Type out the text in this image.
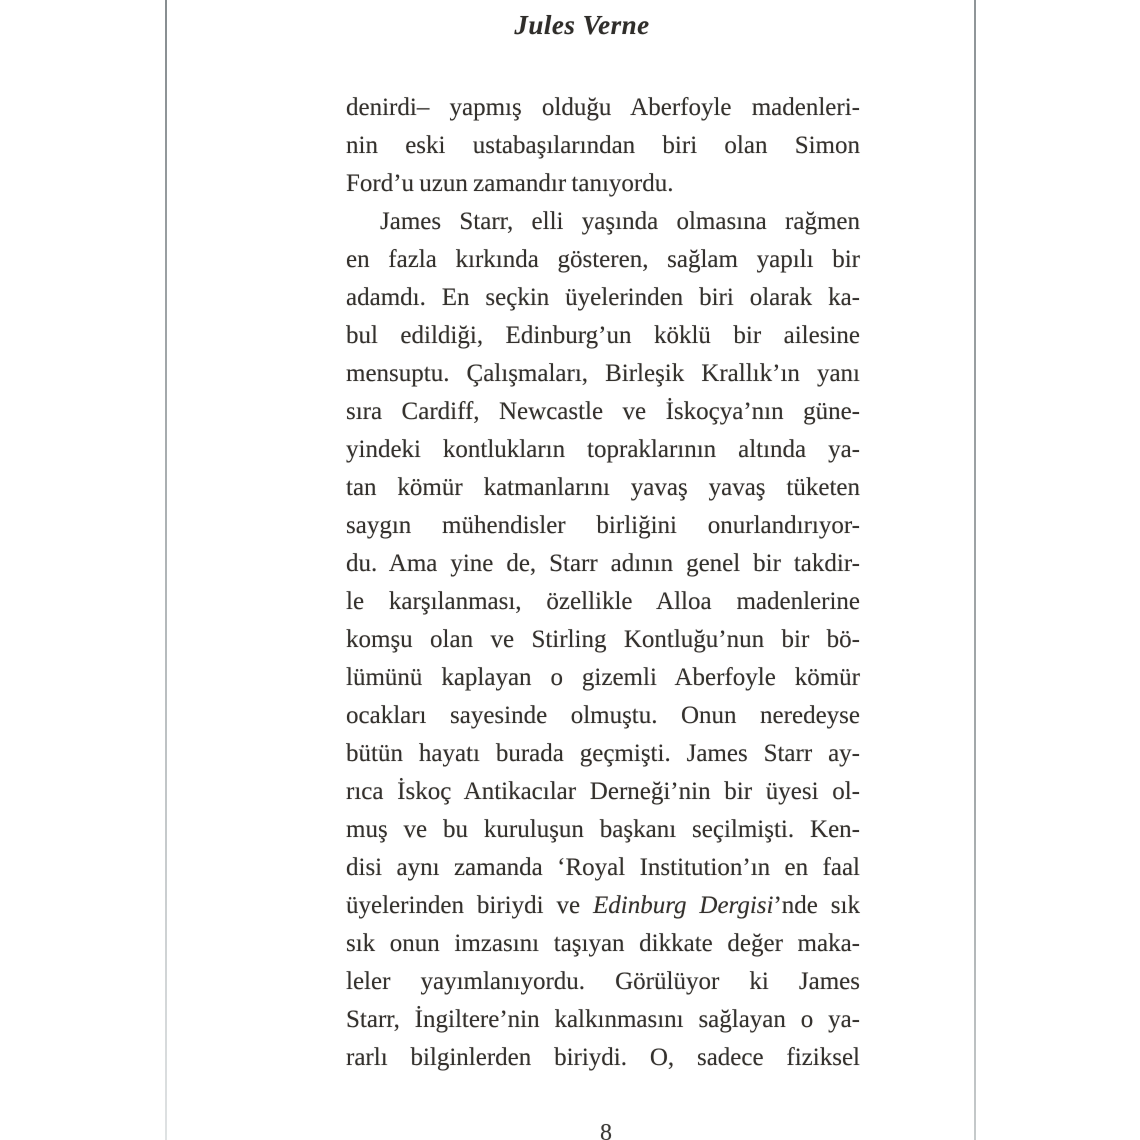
Jules Verne
denirdi– yapmış olduğu Aberfoyle madenleri-
nin eski ustabaşılarından biri olan Simon
Ford’u uzun zamandır tanıyordu.
James Starr, elli yaşında olmasına rağmen
en fazla kırkında gösteren, sağlam yapılı bir
adamdı. En seçkin üyelerinden biri olarak ka-
bul edildiği, Edinburg’un köklü bir ailesine
mensuptu. Çalışmaları, Birleşik Krallık’ın yanı
sıra Cardiff, Newcastle ve İskoçya’nın güne-
yindeki kontlukların topraklarının altında ya-
tan kömür katmanlarını yavaş yavaş tüketen
saygın mühendisler birliğini onurlandırıyor-
du. Ama yine de, Starr adının genel bir takdir-
le karşılanması, özellikle Alloa madenlerine
komşu olan ve Stirling Kontluğu’nun bir bö-
lümünü kaplayan o gizemli Aberfoyle kömür
ocakları sayesinde olmuştu. Onun neredeyse
bütün hayatı burada geçmişti. James Starr ay-
rıca İskoç Antikacılar Derneği’nin bir üyesi ol-
muş ve bu kuruluşun başkanı seçilmişti. Ken-
disi aynı zamanda ‘Royal Institution’ın en faal
üyelerinden biriydi ve Edinburg Dergisi’nde sık
sık onun imzasını taşıyan dikkate değer maka-
leler yayımlanıyordu. Görülüyor ki James
Starr, İngiltere’nin kalkınmasını sağlayan o ya-
rarlı bilginlerden biriydi. O, sadece fiziksel
8
